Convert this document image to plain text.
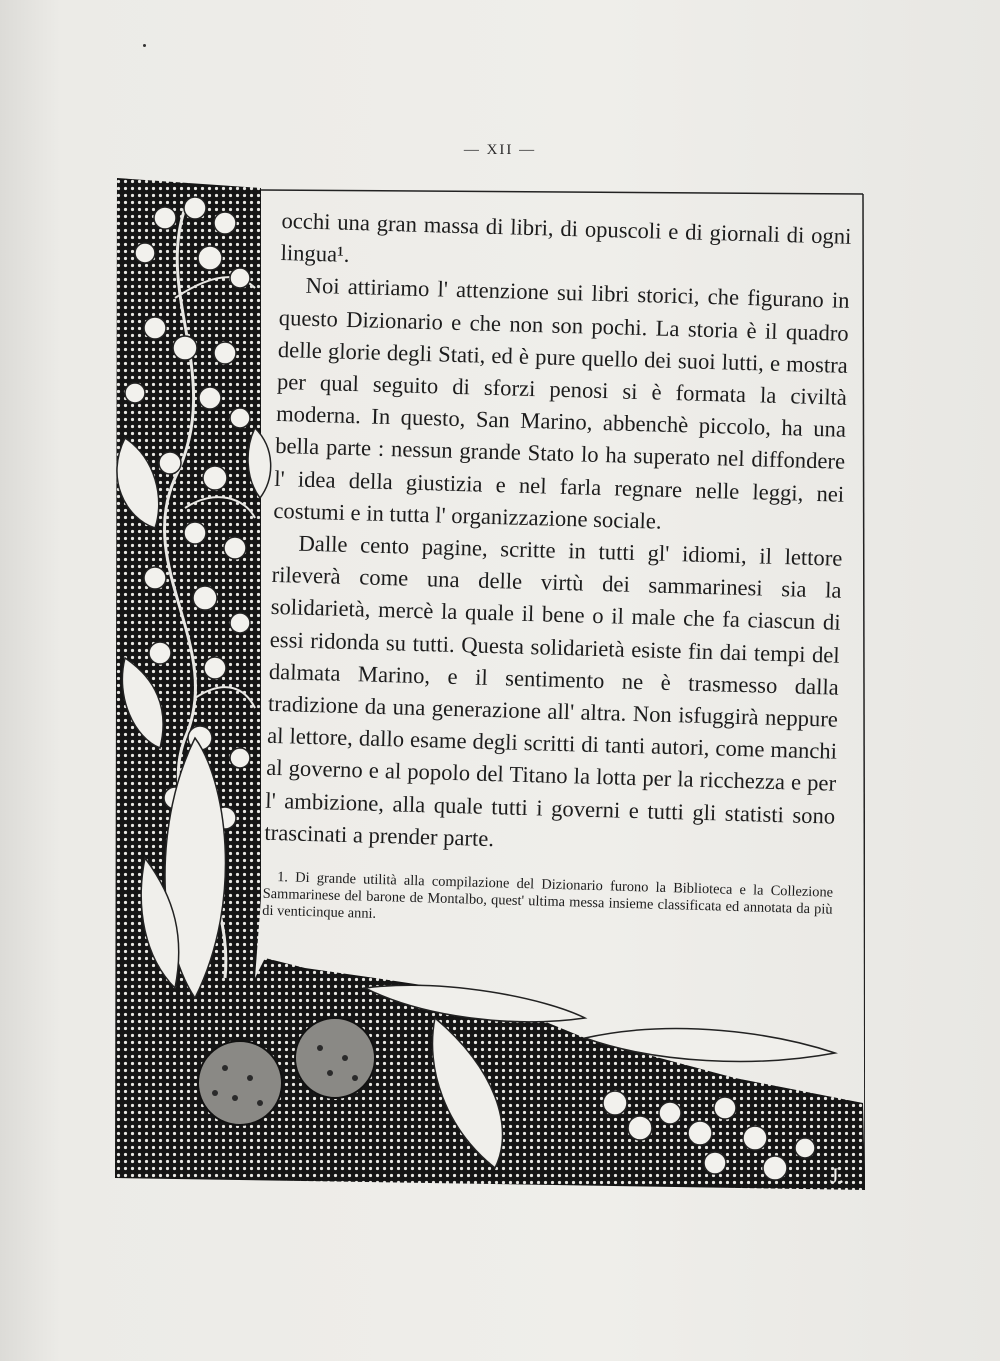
— XII —
J.

occhi una gran massa di libri, di opuscoli e di giornali di ogni lingua¹.

Noi attiriamo l' attenzione sui libri storici, che figurano in questo Dizionario e che non son pochi. La storia è il quadro delle glorie degli Stati, ed è pure quello dei suoi lutti, e mostra per qual seguito di sforzi penosi si è formata la civiltà moderna. In questo, San Marino, abbenchè piccolo, ha una bella parte : nessun grande Stato lo ha superato nel diffondere l' idea della giustizia e nel farla regnare nelle leggi, nei costumi e in tutta l' organizzazione sociale.

Dalle cento pagine, scritte in tutti gl' idiomi, il lettore rileverà come una delle virtù dei sammarinesi sia la solidarietà, mercè la quale il bene o il male che fa ciascun di essi ridonda su tutti. Questa solidarietà esiste fin dai tempi del dalmata Marino, e il sentimento ne è trasmesso dalla tradizione da una generazione all' altra. Non isfuggirà neppure al lettore, dallo esame degli scritti di tanti autori, come manchi al governo e al popolo del Titano la lotta per la ricchezza e per l' ambizione, alla quale tutti i governi e tutti gli statisti sono trascinati a prender parte.

1. Di grande utilità alla compilazione del Dizionario furono la Biblioteca e la Collezione Sammarinese del barone de Montalbo, quest' ultima messa insieme classificata ed annotata da più di venticinque anni.
